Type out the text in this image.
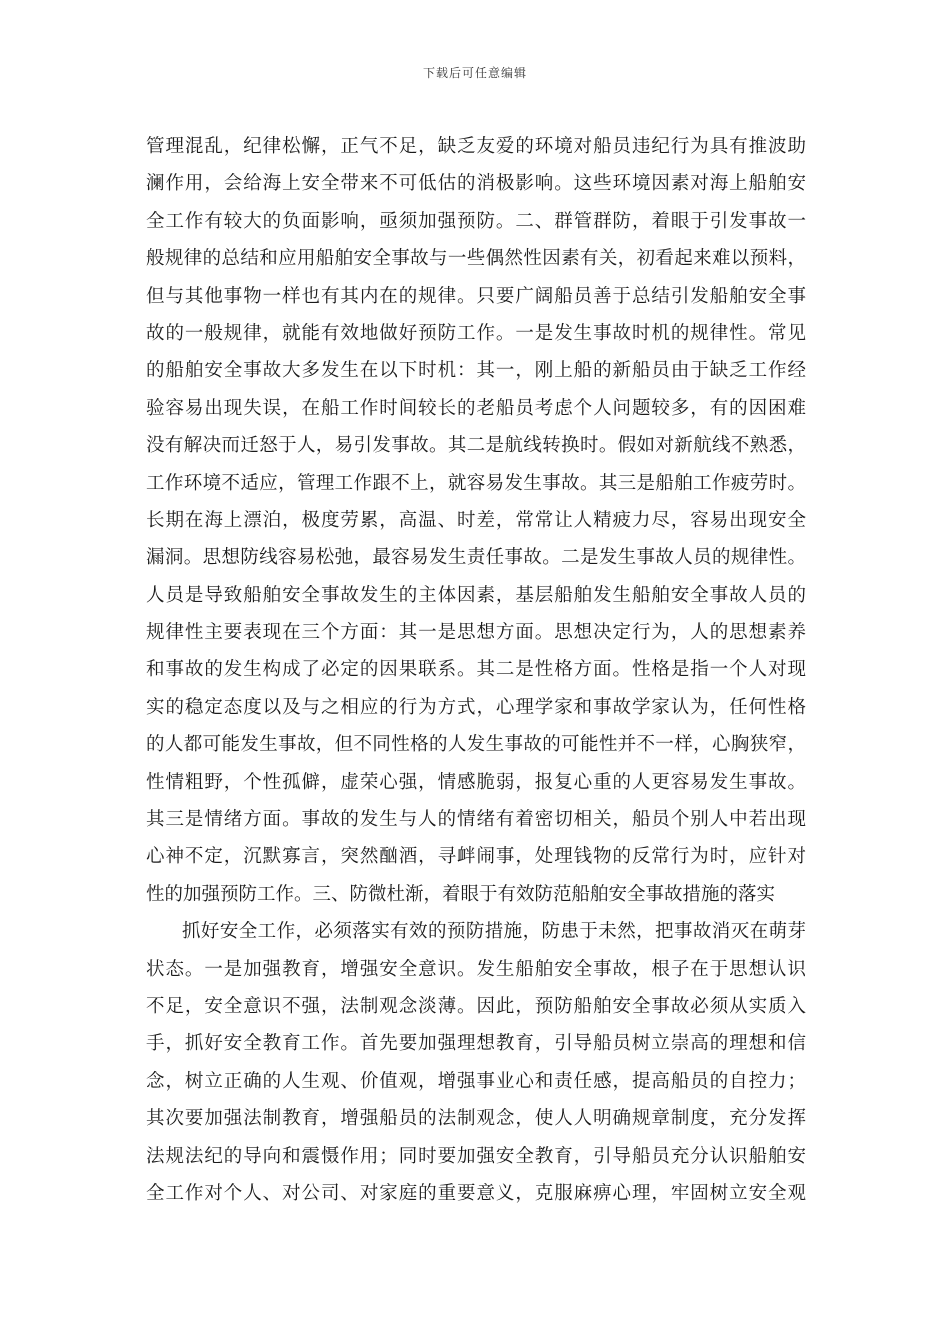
下载后可任意编辑
管理混乱，纪律松懈，正气不足，缺乏友爱的环境对船员违纪行为具有推波助
澜作用，会给海上安全带来不可低估的消极影响。这些环境因素对海上船舶安
全工作有较大的负面影响，亟须加强预防。二、群管群防，着眼于引发事故一
般规律的总结和应用船舶安全事故与一些偶然性因素有关，初看起来难以预料，
但与其他事物一样也有其内在的规律。只要广阔船员善于总结引发船舶安全事
故的一般规律，就能有效地做好预防工作。一是发生事故时机的规律性。常见
的船舶安全事故大多发生在以下时机：其一，刚上船的新船员由于缺乏工作经
验容易出现失误，在船工作时间较长的老船员考虑个人问题较多，有的因困难
没有解决而迁怒于人，易引发事故。其二是航线转换时。假如对新航线不熟悉，
工作环境不适应，管理工作跟不上，就容易发生事故。其三是船舶工作疲劳时。
长期在海上漂泊，极度劳累，高温、时差，常常让人精疲力尽，容易出现安全
漏洞。思想防线容易松弛，最容易发生责任事故。二是发生事故人员的规律性。
人员是导致船舶安全事故发生的主体因素，基层船舶发生船舶安全事故人员的
规律性主要表现在三个方面：其一是思想方面。思想决定行为，人的思想素养
和事故的发生构成了必定的因果联系。其二是性格方面。性格是指一个人对现
实的稳定态度以及与之相应的行为方式，心理学家和事故学家认为，任何性格
的人都可能发生事故，但不同性格的人发生事故的可能性并不一样，心胸狭窄，
性情粗野，个性孤僻，虚荣心强，情感脆弱，报复心重的人更容易发生事故。
其三是情绪方面。事故的发生与人的情绪有着密切相关，船员个别人中若出现
心神不定，沉默寡言，突然酗酒，寻衅闹事，处理钱物的反常行为时，应针对
性的加强预防工作。三、防微杜渐，着眼于有效防范船舶安全事故措施的落实
抓好安全工作，必须落实有效的预防措施，防患于未然，把事故消灭在萌芽
状态。一是加强教育，增强安全意识。发生船舶安全事故，根子在于思想认识
不足，安全意识不强，法制观念淡薄。因此，预防船舶安全事故必须从实质入
手，抓好安全教育工作。首先要加强理想教育，引导船员树立崇高的理想和信
念，树立正确的人生观、价值观，增强事业心和责任感，提高船员的自控力；
其次要加强法制教育，增强船员的法制观念，使人人明确规章制度，充分发挥
法规法纪的导向和震慑作用；同时要加强安全教育，引导船员充分认识船舶安
全工作对个人、对公司、对家庭的重要意义，克服麻痹心理，牢固树立安全观
